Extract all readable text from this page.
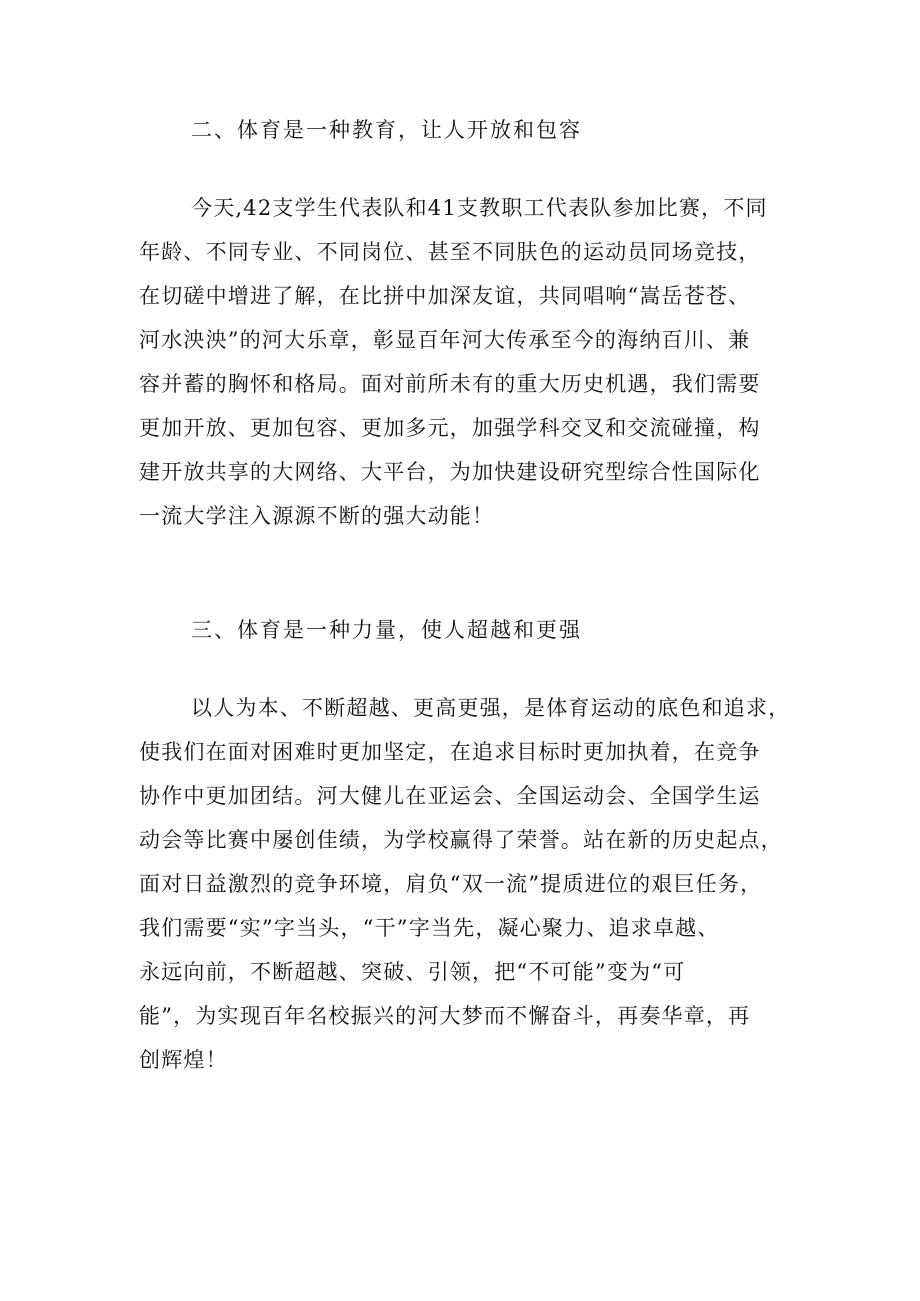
二、体育是一种教育，让人开放和包容

今天,42支学生代表队和41支教职工代表队参加比赛，不同

年龄、不同专业、不同岗位、甚至不同肤色的运动员同场竞技，

在切磋中增进了解，在比拼中加深友谊，共同唱响“嵩岳苍苍、

河水泱泱”的河大乐章，彰显百年河大传承至今的海纳百川、兼

容并蓄的胸怀和格局。面对前所未有的重大历史机遇，我们需要

更加开放、更加包容、更加多元，加强学科交叉和交流碰撞，构

建开放共享的大网络、大平台，为加快建设研究型综合性国际化

一流大学注入源源不断的强大动能！

三、体育是一种力量，使人超越和更强

以人为本、不断超越、更高更强，是体育运动的底色和追求，

使我们在面对困难时更加坚定，在追求目标时更加执着，在竞争

协作中更加团结。河大健儿在亚运会、全国运动会、全国学生运

动会等比赛中屡创佳绩，为学校赢得了荣誉。站在新的历史起点，

面对日益激烈的竞争环境，肩负“双一流”提质进位的艰巨任务，

我们需要“实”字当头，“干”字当先，凝心聚力、追求卓越、

永远向前，不断超越、突破、引领，把“不可能”变为“可

能”，为实现百年名校振兴的河大梦而不懈奋斗，再奏华章，再

创辉煌！
